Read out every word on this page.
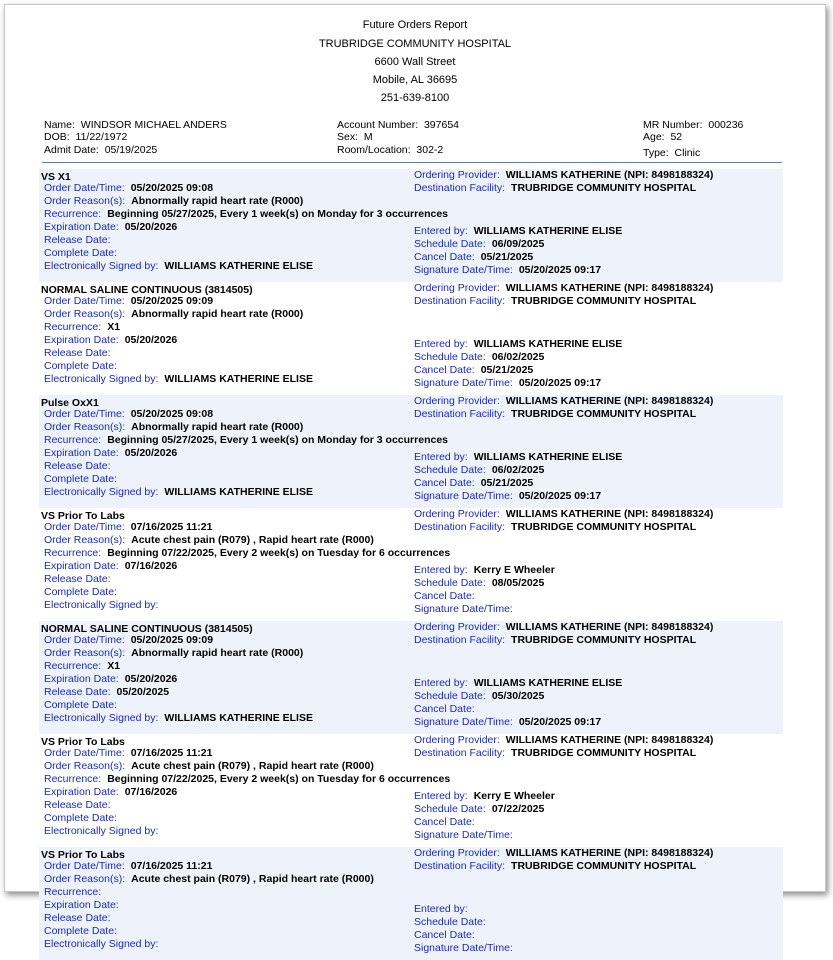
Future Orders Report
TRUBRIDGE COMMUNITY HOSPITAL
6600 Wall Street
Mobile, AL 36695
251-639-8100
Name: WINDSOR MICHAEL ANDERS
DOB: 11/22/1972
Admit Date: 05/19/2025
Account Number: 397654
Sex: M
Room/Location: 302-2
MR Number: 000236
Age: 52
Type: Clinic
VS X1
Order Date/Time: 05/20/2025 09:08
Order Reason(s): Abnormally rapid heart rate (R000)
Recurrence: Beginning 05/27/2025, Every 1 week(s) on Monday for 3 occurrences
Expiration Date: 05/20/2026
Release Date:
Complete Date:
Electronically Signed by: WILLIAMS KATHERINE ELISE
Ordering Provider: WILLIAMS KATHERINE (NPI: 8498188324)
Destination Facility: TRUBRIDGE COMMUNITY HOSPITAL
Entered by: WILLIAMS KATHERINE ELISE
Schedule Date: 06/09/2025
Cancel Date: 05/21/2025
Signature Date/Time: 05/20/2025 09:17
NORMAL SALINE CONTINUOUS (3814505)
Order Date/Time: 05/20/2025 09:09
Order Reason(s): Abnormally rapid heart rate (R000)
Recurrence: X1
Expiration Date: 05/20/2026
Release Date:
Complete Date:
Electronically Signed by: WILLIAMS KATHERINE ELISE
Ordering Provider: WILLIAMS KATHERINE (NPI: 8498188324)
Destination Facility: TRUBRIDGE COMMUNITY HOSPITAL
Entered by: WILLIAMS KATHERINE ELISE
Schedule Date: 06/02/2025
Cancel Date: 05/21/2025
Signature Date/Time: 05/20/2025 09:17
Pulse OxX1
Order Date/Time: 05/20/2025 09:08
Order Reason(s): Abnormally rapid heart rate (R000)
Recurrence: Beginning 05/27/2025, Every 1 week(s) on Monday for 3 occurrences
Expiration Date: 05/20/2026
Release Date:
Complete Date:
Electronically Signed by: WILLIAMS KATHERINE ELISE
Ordering Provider: WILLIAMS KATHERINE (NPI: 8498188324)
Destination Facility: TRUBRIDGE COMMUNITY HOSPITAL
Entered by: WILLIAMS KATHERINE ELISE
Schedule Date: 06/02/2025
Cancel Date: 05/21/2025
Signature Date/Time: 05/20/2025 09:17
VS Prior To Labs
Order Date/Time: 07/16/2025 11:21
Order Reason(s): Acute chest pain (R079) , Rapid heart rate (R000)
Recurrence: Beginning 07/22/2025, Every 2 week(s) on Tuesday for 6 occurrences
Expiration Date: 07/16/2026
Release Date:
Complete Date:
Electronically Signed by:
Ordering Provider: WILLIAMS KATHERINE (NPI: 8498188324)
Destination Facility: TRUBRIDGE COMMUNITY HOSPITAL
Entered by: Kerry E Wheeler
Schedule Date: 08/05/2025
Cancel Date:
Signature Date/Time:
NORMAL SALINE CONTINUOUS (3814505)
Order Date/Time: 05/20/2025 09:09
Order Reason(s): Abnormally rapid heart rate (R000)
Recurrence: X1
Expiration Date: 05/20/2026
Release Date: 05/20/2025
Complete Date:
Electronically Signed by: WILLIAMS KATHERINE ELISE
Ordering Provider: WILLIAMS KATHERINE (NPI: 8498188324)
Destination Facility: TRUBRIDGE COMMUNITY HOSPITAL
Entered by: WILLIAMS KATHERINE ELISE
Schedule Date: 05/30/2025
Cancel Date:
Signature Date/Time: 05/20/2025 09:17
VS Prior To Labs
Order Date/Time: 07/16/2025 11:21
Order Reason(s): Acute chest pain (R079) , Rapid heart rate (R000)
Recurrence: Beginning 07/22/2025, Every 2 week(s) on Tuesday for 6 occurrences
Expiration Date: 07/16/2026
Release Date:
Complete Date:
Electronically Signed by:
Ordering Provider: WILLIAMS KATHERINE (NPI: 8498188324)
Destination Facility: TRUBRIDGE COMMUNITY HOSPITAL
Entered by: Kerry E Wheeler
Schedule Date: 07/22/2025
Cancel Date:
Signature Date/Time:
VS Prior To Labs
Order Date/Time: 07/16/2025 11:21
Order Reason(s): Acute chest pain (R079) , Rapid heart rate (R000)
Recurrence:
Expiration Date:
Release Date:
Complete Date:
Electronically Signed by:
Ordering Provider: WILLIAMS KATHERINE (NPI: 8498188324)
Destination Facility: TRUBRIDGE COMMUNITY HOSPITAL
Entered by:
Schedule Date:
Cancel Date:
Signature Date/Time:
